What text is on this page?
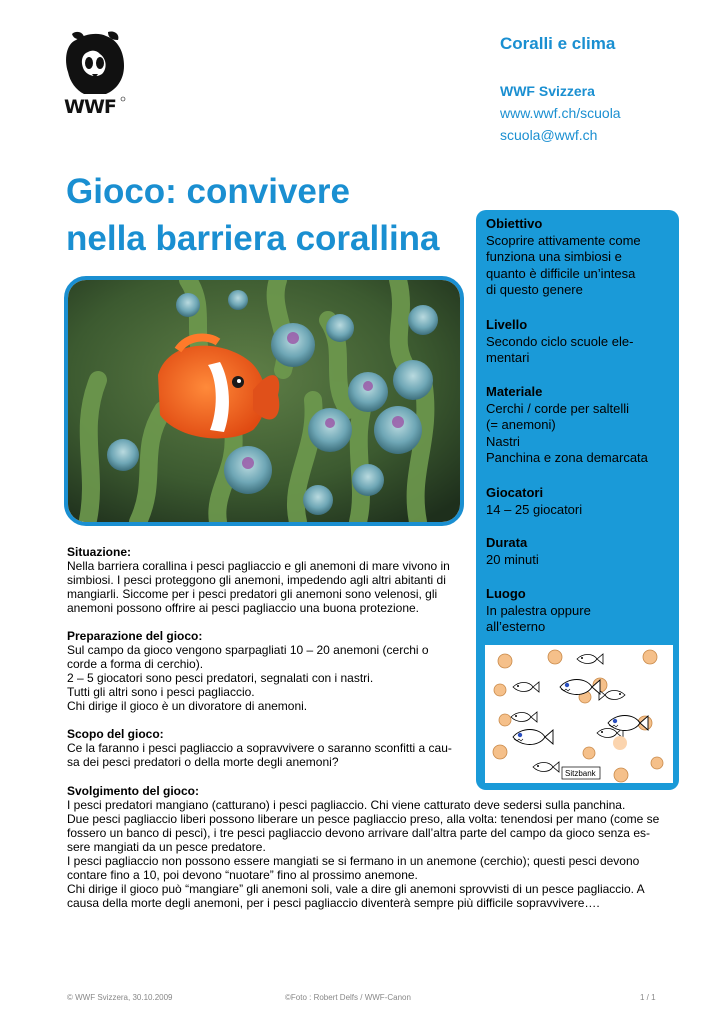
WWF
Coralli e clima
WWF Svizzera
www.wwf.ch/scuola
scuola@wwf.ch
Gioco: convivere
nella barriera corallina	Obiettivo
Scoprire attivamente come
funziona una simbiosi e
quanto è difficile un’intesa
di questo genere
Livello
Secondo ciclo scuole ele-
mentari
Materiale
Cerchi / corde per saltelli
(= anemoni)
Nastri
Panchina e zona demarcata
Giocatori
14 – 25 giocatori
Durata
20 minuti
Luogo
In palestra oppure
all’esterno
Sitzbank
Situazione:
Nella barriera corallina i pesci pagliaccio e gli anemoni di mare vivono in
simbiosi. I pesci proteggono gli anemoni, impedendo agli altri abitanti di
mangiarli. Siccome per i pesci predatori gli anemoni sono velenosi, gli
anemoni possono offrire ai pesci pagliaccio una buona protezione.
Preparazione del gioco:
Sul campo da gioco vengono sparpagliati 10 – 20 anemoni (cerchi o
corde a forma di cerchio).
2 – 5 giocatori sono pesci predatori, segnalati con i nastri.
Tutti gli altri sono i pesci pagliaccio.
Chi dirige il gioco è un divoratore di anemoni.
Scopo del gioco:
Ce la faranno i pesci pagliaccio a sopravvivere o saranno sconfitti a cau-
sa dei pesci predatori o della morte degli anemoni?
Svolgimento del gioco:
I pesci predatori mangiano (catturano) i pesci pagliaccio. Chi viene catturato deve sedersi sulla panchina.
Due pesci pagliaccio liberi possono liberare un pesce pagliaccio preso, alla volta: tenendosi per mano (come se
fossero un banco di pesci), i tre pesci pagliaccio devono arrivare dall’altra parte del campo da gioco senza es-
sere mangiati da un pesce predatore.
I pesci pagliaccio non possono essere mangiati se si fermano in un anemone (cerchio); questi pesci devono
contare fino a 10, poi devono “nuotare” fino al prossimo anemone.
Chi dirige il gioco può “mangiare” gli anemoni soli, vale a dire gli anemoni sprovvisti di un pesce pagliaccio. A
causa della morte degli anemoni, per i pesci pagliaccio diventerà sempre più difficile sopravvivere….
© WWF Svizzera, 30.10.2009	©Foto : Robert Delfs / WWF-Canon	1 / 1
